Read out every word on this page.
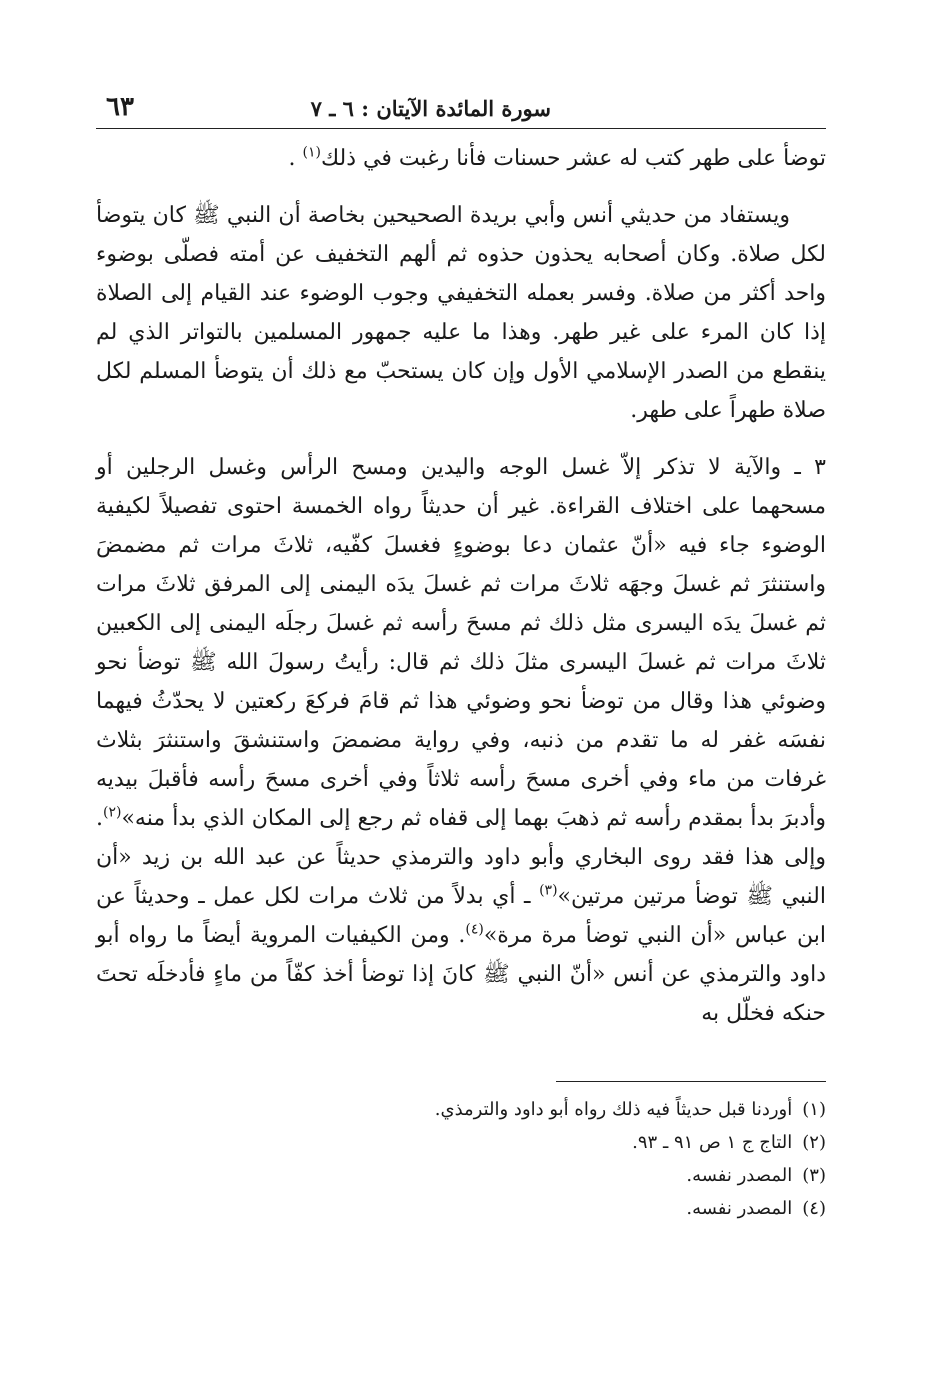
سورة المائدة الآيتان : ٦ ـ ٧
٦٣

توضأ على طهر كتب له عشر حسنات فأنا رغبت في ذلك$^{(١)}$ .

ويستفاد من حديثي أنس وأبي بريدة الصحيحين بخاصة أن النبي ﷺ كان يتوضأ لكل صلاة. وكان أصحابه يحذون حذوه ثم ألهم التخفيف عن أمته فصلّى بوضوء واحد أكثر من صلاة. وفسر بعمله التخفيفي وجوب الوضوء عند القيام إلى الصلاة إذا كان المرء على غير طهر. وهذا ما عليه جمهور المسلمين بالتواتر الذي لم ينقطع من الصدر الإسلامي الأول وإن كان يستحبّ مع ذلك أن يتوضأ المسلم لكل صلاة طهراً على طهر.

٣ ـ والآية لا تذكر إلاّ غسل الوجه واليدين ومسح الرأس وغسل الرجلين أو مسحهما على اختلاف القراءة. غير أن حديثاً رواه الخمسة احتوى تفصيلاً لكيفية الوضوء جاء فيه «أنّ عثمان دعا بوضوءٍ فغسلَ كفّيه، ثلاثَ مرات ثم مضمضَ واستنثرَ ثم غسلَ وجهَه ثلاثَ مرات ثم غسلَ يدَه اليمنى إلى المرفق ثلاثَ مرات ثم غسلَ يدَه اليسرى مثل ذلك ثم مسحَ رأسه ثم غسلَ رجلَه اليمنى إلى الكعبين ثلاثَ مرات ثم غسلَ اليسرى مثلَ ذلك ثم قال: رأيتُ رسولَ الله ﷺ توضأ نحو وضوئي هذا وقال من توضأ نحو وضوئي هذا ثم قامَ فركعَ ركعتين لا يحدّثُ فيهما نفسَه غفر له ما تقدم من ذنبه، وفي رواية مضمضَ واستنشقَ واستنثرَ بثلاث غرفات من ماء وفي أخرى مسحَ رأسه ثلاثاً وفي أخرى مسحَ رأسه فأقبلَ بيديه وأدبرَ بدأ بمقدم رأسه ثم ذهبَ بهما إلى قفاه ثم رجع إلى المكان الذي بدأ منه»$^{(٢)}$. وإلى هذا فقد روى البخاري وأبو داود والترمذي حديثاً عن عبد الله بن زيد «أن النبي ﷺ توضأ مرتين مرتين»$^{(٣)}$ ـ أي بدلاً من ثلاث مرات لكل عمل ـ وحديثاً عن ابن عباس «أن النبي توضأ مرة مرة»$^{(٤)}$. ومن الكيفيات المروية أيضاً ما رواه أبو داود والترمذي عن أنس «أنّ النبي ﷺ كانَ إذا توضأ أخذ كفّاً من ماءٍ فأدخلَه تحتَ حنكه فخلّل به

(١)
أوردنا قبل حديثاً فيه ذلك رواه أبو داود والترمذي.
(٢)
التاج ج ١ ص ٩١ ـ ٩٣.
(٣)
المصدر نفسه.
(٤)
المصدر نفسه.
